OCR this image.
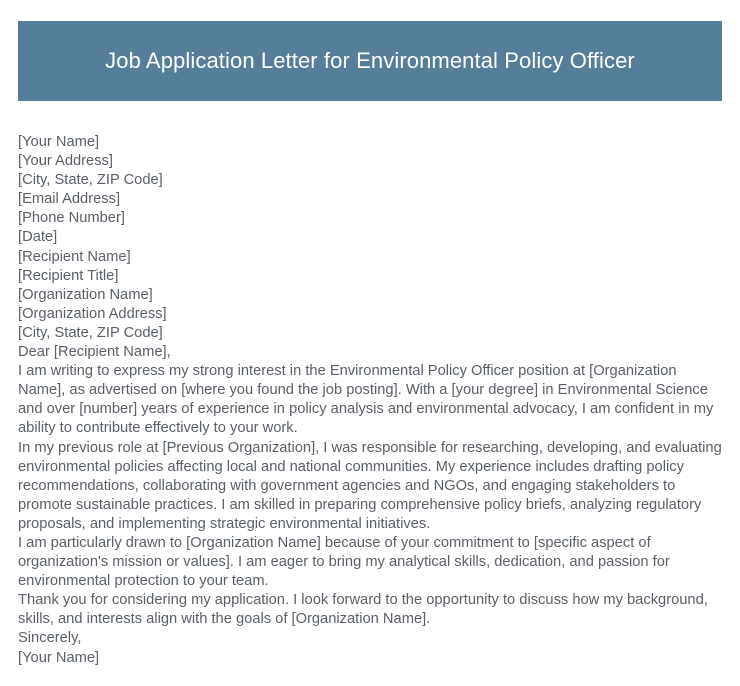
Job Application Letter for Environmental Policy Officer
[Your Name]
[Your Address]
[City, State, ZIP Code]
[Email Address]
[Phone Number]
[Date]
[Recipient Name]
[Recipient Title]
[Organization Name]
[Organization Address]
[City, State, ZIP Code]
Dear [Recipient Name],

I am writing to express my strong interest in the Environmental Policy Officer position at [Organization Name], as advertised on [where you found the job posting]. With a [your degree] in Environmental Science and over [number] years of experience in policy analysis and environmental advocacy, I am confident in my ability to contribute effectively to your work.

In my previous role at [Previous Organization], I was responsible for researching, developing, and evaluating environmental policies affecting local and national communities. My experience includes drafting policy recommendations, collaborating with government agencies and NGOs, and engaging stakeholders to promote sustainable practices. I am skilled in preparing comprehensive policy briefs, analyzing regulatory proposals, and implementing strategic environmental initiatives.

I am particularly drawn to [Organization Name] because of your commitment to [specific aspect of organization's mission or values]. I am eager to bring my analytical skills, dedication, and passion for environmental protection to your team.

Thank you for considering my application. I look forward to the opportunity to discuss how my background, skills, and interests align with the goals of [Organization Name].

Sincerely,
[Your Name]
